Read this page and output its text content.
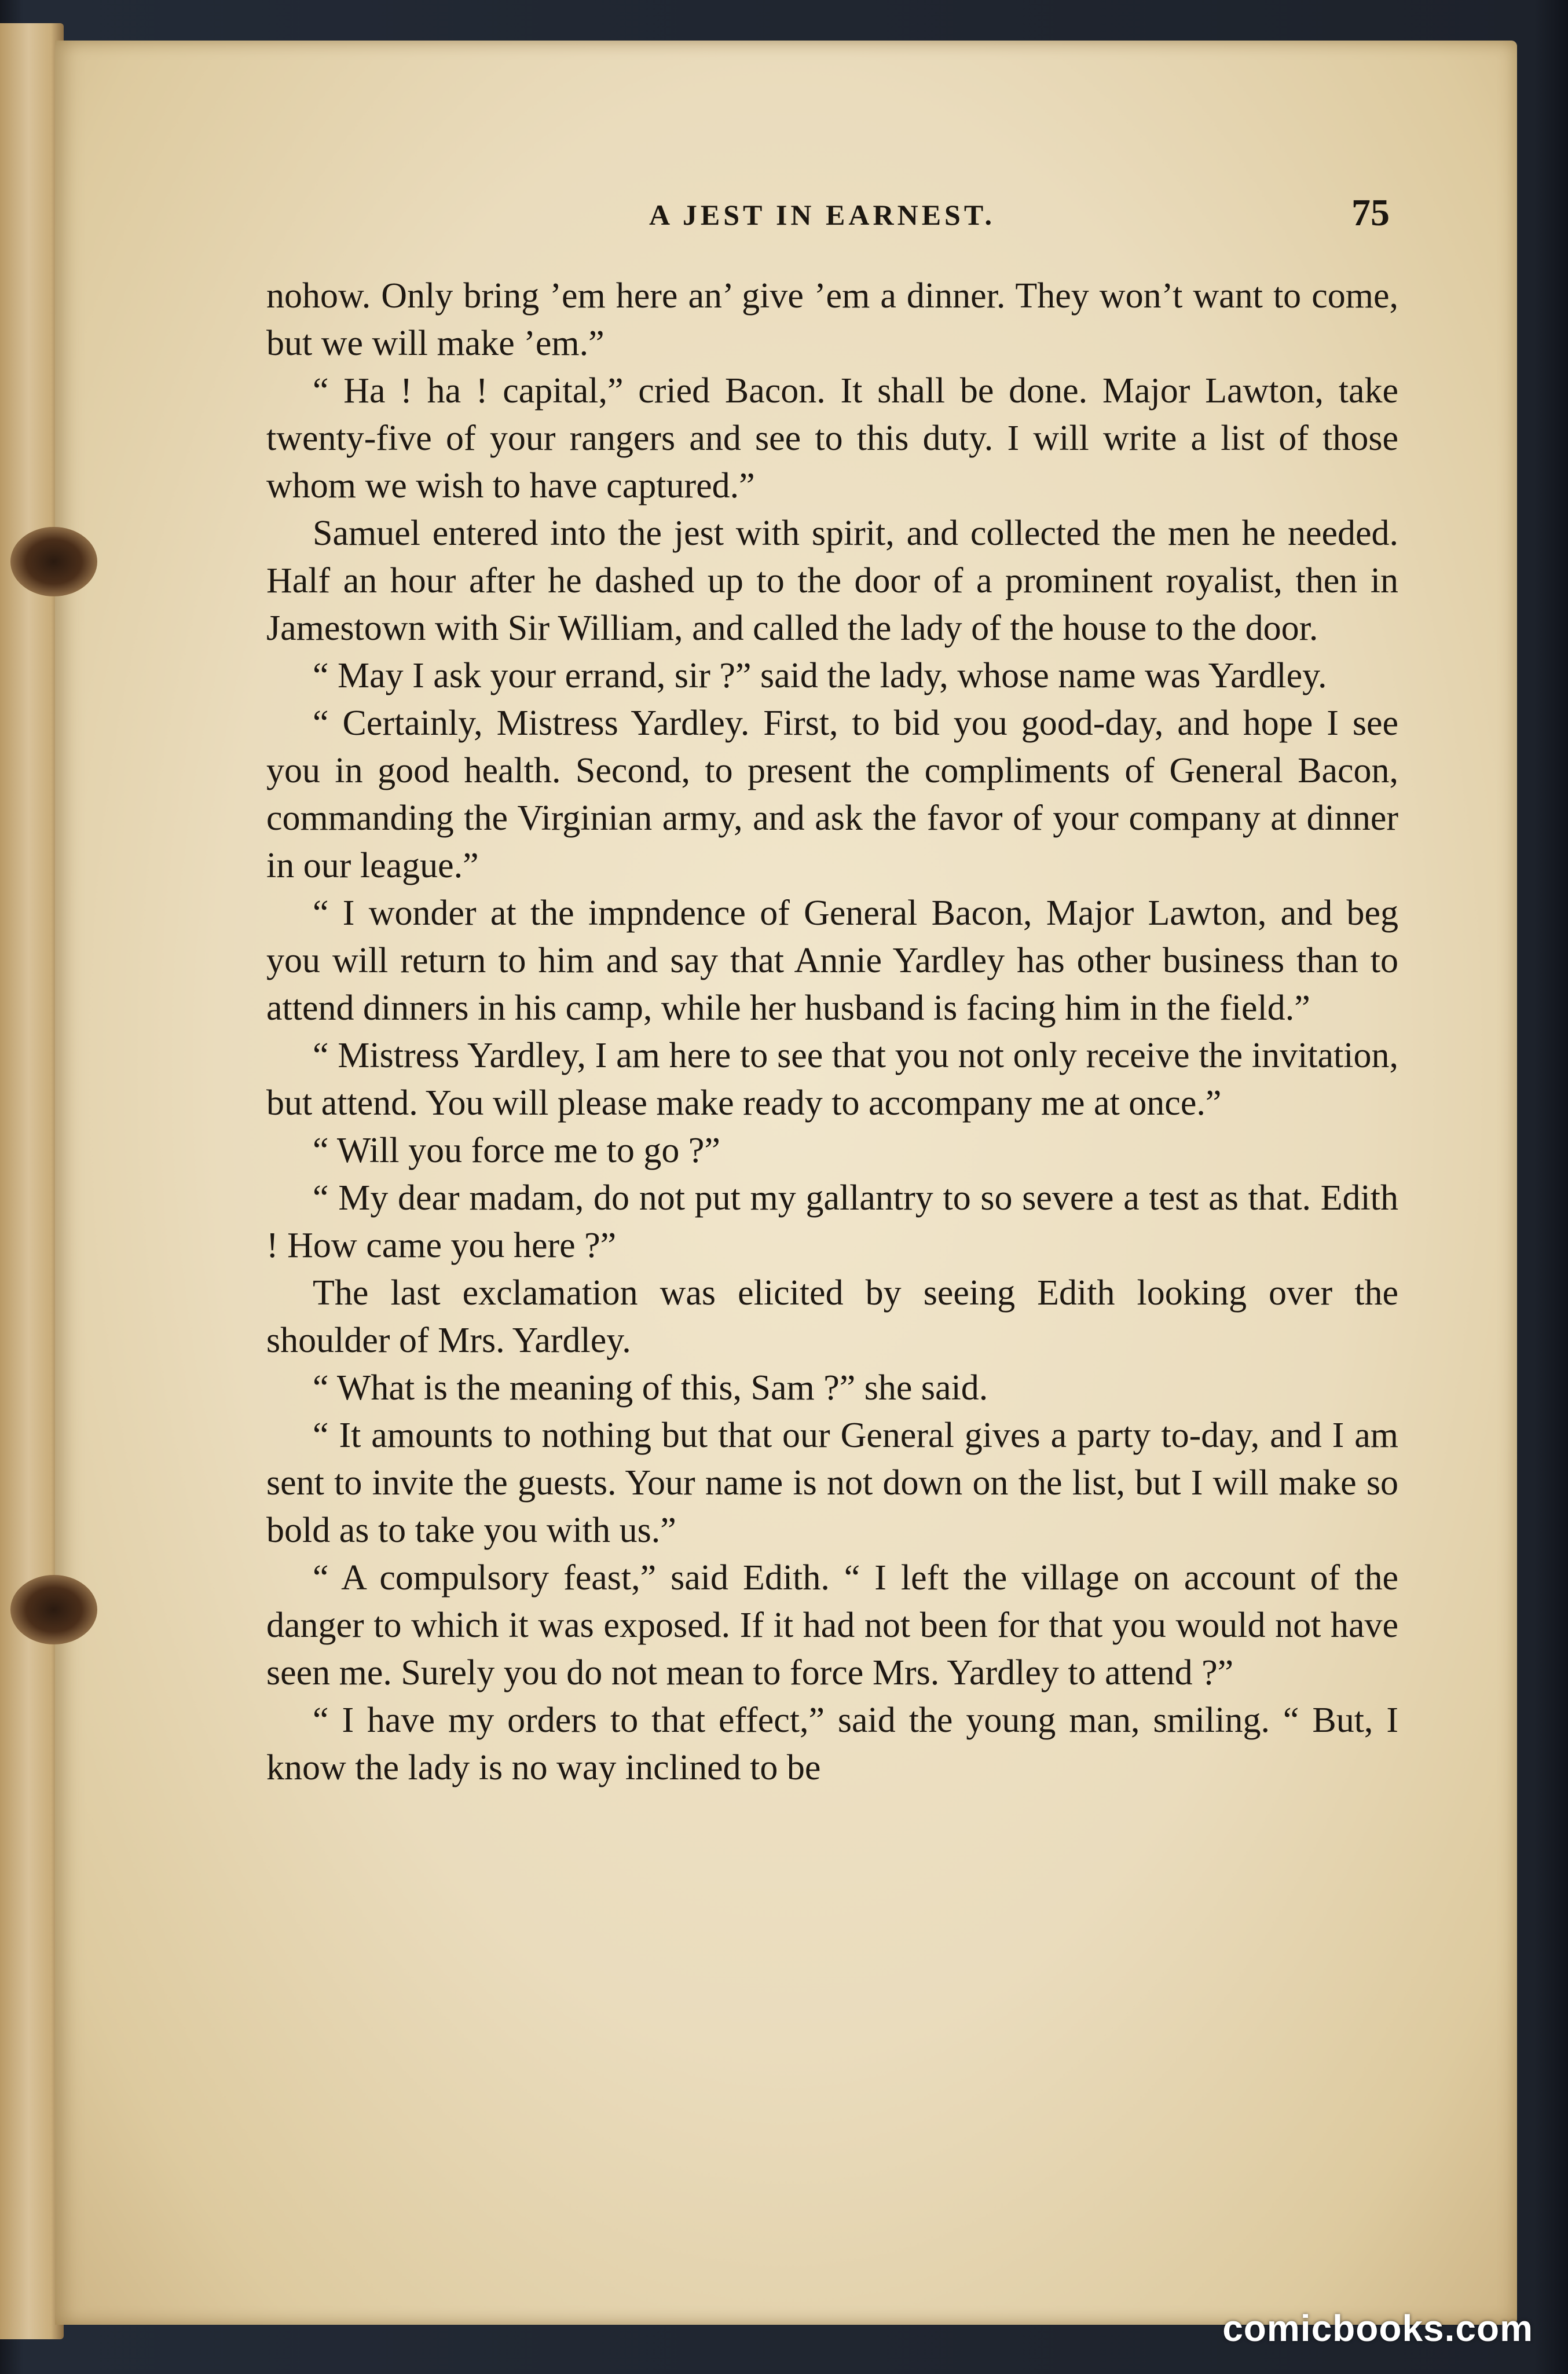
A JEST IN EARNEST.	75

nohow. Only bring ’em here an’ give ’em a dinner. They won’t want to come, but we will make ’em.”

“ Ha ! ha ! capital,” cried Bacon. It shall be done. Major Lawton, take twenty-five of your rangers and see to this duty. I will write a list of those whom we wish to have captured.”

Samuel entered into the jest with spirit, and collected the men he needed. Half an hour after he dashed up to the door of a prominent royalist, then in Jamestown with Sir William, and called the lady of the house to the door.

“ May I ask your errand, sir ?” said the lady, whose name was Yardley.

“ Certainly, Mistress Yardley. First, to bid you good-day, and hope I see you in good health. Second, to present the compliments of General Bacon, commanding the Virginian army, and ask the favor of your company at dinner in our league.”

“ I wonder at the impndence of General Bacon, Major Lawton, and beg you will return to him and say that Annie Yardley has other business than to attend dinners in his camp, while her husband is facing him in the field.”

“ Mistress Yardley, I am here to see that you not only receive the invitation, but attend. You will please make ready to accompany me at once.”

“ Will you force me to go ?”

“ My dear madam, do not put my gallantry to so severe a test as that. Edith ! How came you here ?”

The last exclamation was elicited by seeing Edith looking over the shoulder of Mrs. Yardley.

“ What is the meaning of this, Sam ?” she said.

“ It amounts to nothing but that our General gives a party to-day, and I am sent to invite the guests. Your name is not down on the list, but I will make so bold as to take you with us.”

“ A compulsory feast,” said Edith. “ I left the village on account of the danger to which it was exposed. If it had not been for that you would not have seen me. Surely you do not mean to force Mrs. Yardley to attend ?”

“ I have my orders to that effect,” said the young man, smiling. “ But, I know the lady is no way inclined to be

comicbooks.com
